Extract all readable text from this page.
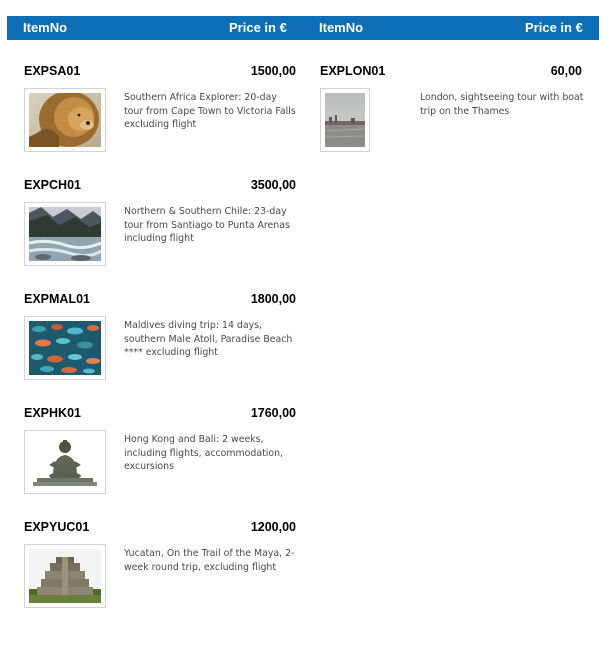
ItemNo	Price in € ItemNo	Price in €
EXPSA01	1500,00
Southern Africa Explorer: 20-day tour from Cape Town to Victoria Falls excluding flight
EXPCH01	3500,00
Northern & Southern Chile: 23-day tour from Santiago to Punta Arenas including flight
EXPMAL01	1800,00
Maldives diving trip: 14 days, southern Male Atoll, Paradise Beach **** excluding flight
EXPHK01	1760,00
Hong Kong and Bali: 2 weeks, including flights, accommodation, excursions
EXPYUC01	1200,00
Yucatan, On the Trail of the Maya, 2-week round trip, excluding flight
EXPLON01	60,00
London, sightseeing tour with boat trip on the Thames
